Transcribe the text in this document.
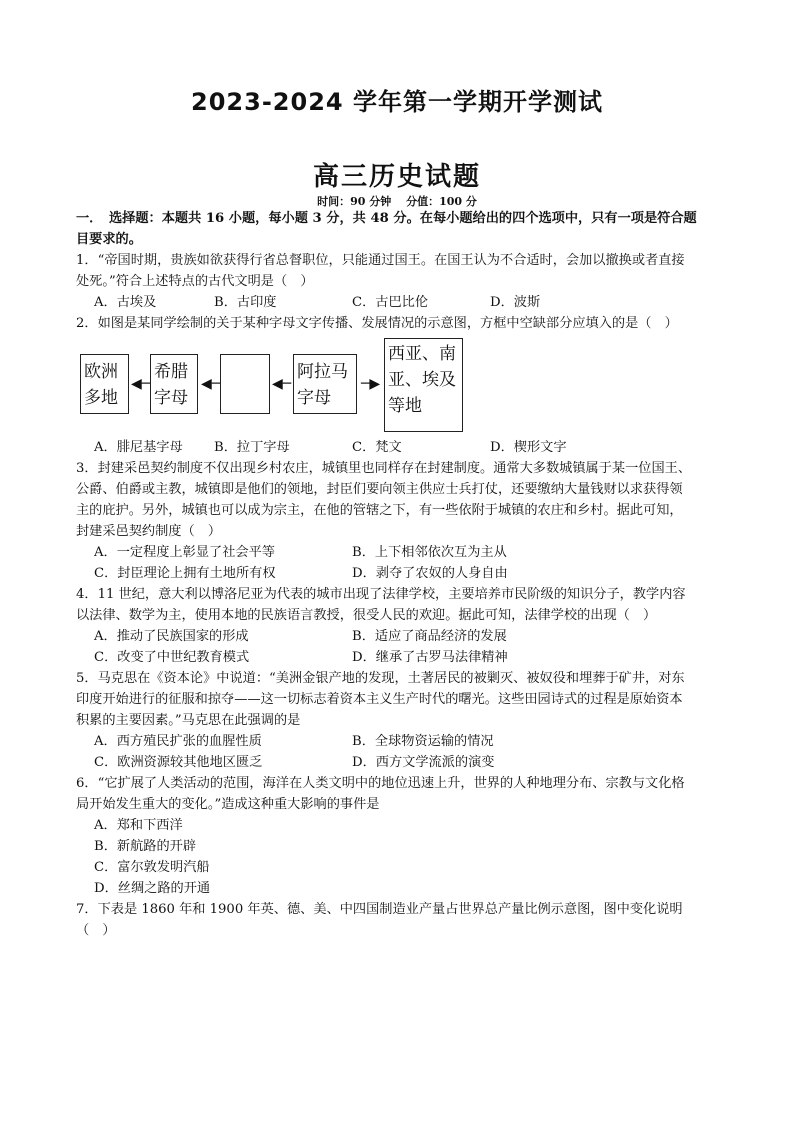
2023-2024 学年第一学期开学测试
高三历史试题
时间：90 分钟　 分值：100 分
一．　选择题：本题共 16 小题，每小题 3 分，共 48 分。在每小题给出的四个选项中，只有一项是符合题
目要求的。
1．“帝国时期，贵族如欲获得行省总督职位，只能通过国王。在国王认为不合适时，会加以撤换或者直接
处死。”符合上述特点的古代文明是（　）
A．古埃及	B．古印度	C．古巴比伦	D．波斯
2．如图是某同学绘制的关于某种字母文字传播、发展情况的示意图，方框中空缺部分应填入的是（　）
欧洲
多地
◀─
希腊
字母
◀─	◀─
阿拉马
字母
─▶
西亚、南
亚、埃及
等地
A．腓尼基字母 B．拉丁字母	C．梵文	D．楔形文字
3．封建采邑契约制度不仅出现乡村农庄，城镇里也同样存在封建制度。通常大多数城镇属于某一位国王、
公爵、伯爵或主教，城镇即是他们的领地，封臣们要向领主供应士兵打仗，还要缴纳大量钱财以求获得领
主的庇护。另外，城镇也可以成为宗主，在他的管辖之下，有一些依附于城镇的农庄和乡村。据此可知，
封建采邑契约制度（　）
A．一定程度上彰显了社会平等	B．上下相邻依次互为主从
C．封臣理论上拥有土地所有权	D．剥夺了农奴的人身自由
4．11 世纪，意大利以博洛尼亚为代表的城市出现了法律学校，主要培养市民阶级的知识分子，教学内容
以法律、数学为主，使用本地的民族语言教授，很受人民的欢迎。据此可知，法律学校的出现（　）
A．推动了民族国家的形成	B．适应了商品经济的发展
C．改变了中世纪教育模式	D．继承了古罗马法律精神
5．马克思在《资本论》中说道：“美洲金银产地的发现，土著居民的被剿灭、被奴役和埋葬于矿井，对东
印度开始进行的征服和掠夺——这一切标志着资本主义生产时代的曙光。这些田园诗式的过程是原始资本
积累的主要因素。”马克思在此强调的是
A．西方殖民扩张的血腥性质	B．全球物资运输的情况
C．欧洲资源较其他地区匮乏	D．西方文学流派的演变
6．“它扩展了人类活动的范围，海洋在人类文明中的地位迅速上升，世界的人种地理分布、宗教与文化格
局开始发生重大的变化。”造成这种重大影响的事件是
A．郑和下西洋
B．新航路的开辟
C．富尔敦发明汽船
D．丝绸之路的开通
7．下表是 1860 年和 1900 年英、德、美、中四国制造业产量占世界总产量比例示意图，图中变化说明
（　）
